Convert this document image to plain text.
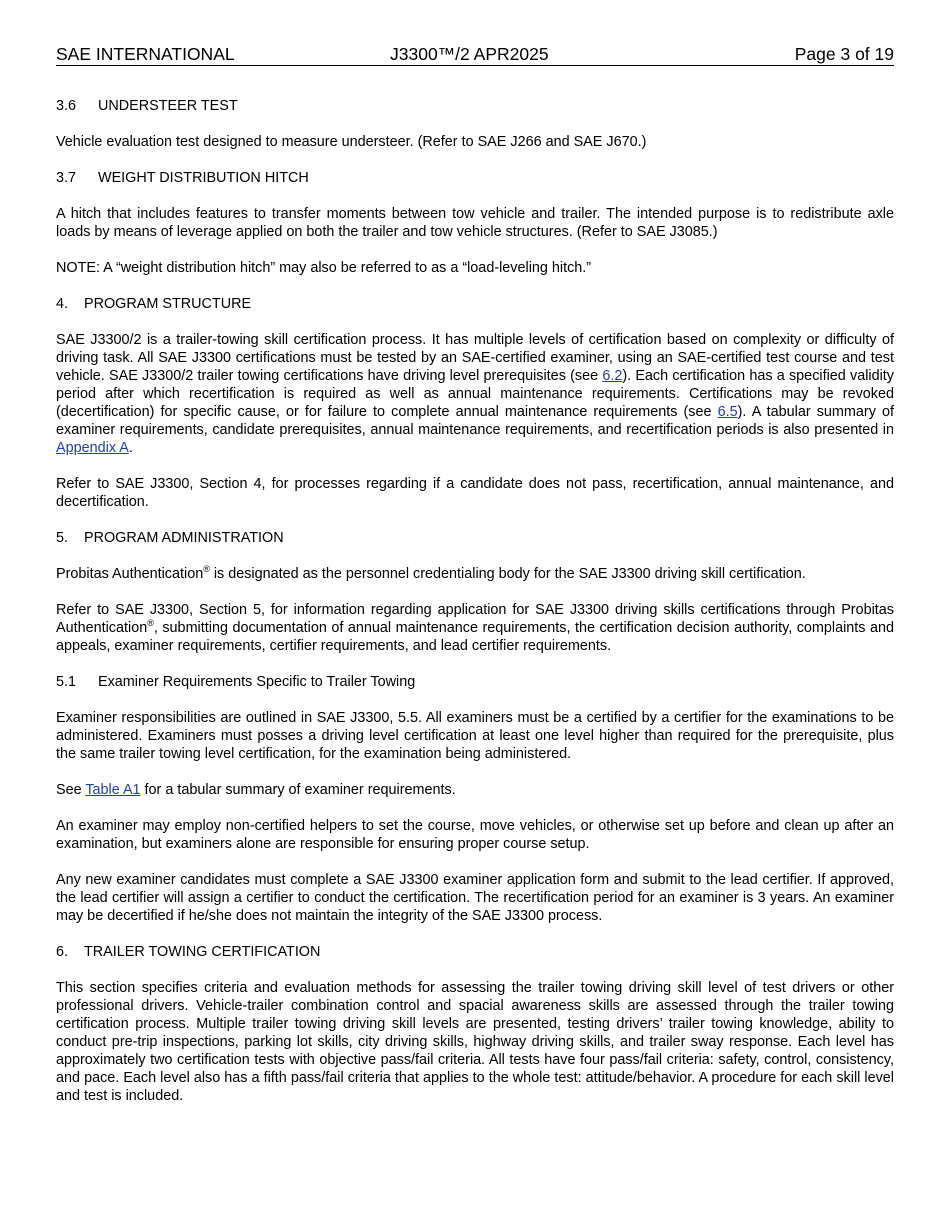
SAE INTERNATIONAL	J3300™/2 APR2025	Page 3 of 19
3.6 UNDERSTEER TEST

Vehicle evaluation test designed to measure understeer. (Refer to SAE J266 and SAE J670.)

3.7 WEIGHT DISTRIBUTION HITCH

A hitch that includes features to transfer moments between tow vehicle and trailer. The intended purpose is to redistribute axle loads by means of leverage applied on both the trailer and tow vehicle structures. (Refer to SAE J3085.)

NOTE: A “weight distribution hitch” may also be referred to as a “load-leveling hitch.”

4. PROGRAM STRUCTURE

SAE J3300/2 is a trailer-towing skill certification process. It has multiple levels of certification based on complexity or difficulty of driving task. All SAE J3300 certifications must be tested by an SAE-certified examiner, using an SAE-certified test course and test vehicle. SAE J3300/2 trailer towing certifications have driving level prerequisites (see 6.2). Each certification has a specified validity period after which recertification is required as well as annual maintenance requirements. Certifications may be revoked (decertification) for specific cause, or for failure to complete annual maintenance requirements (see 6.5). A tabular summary of examiner requirements, candidate prerequisites, annual maintenance requirements, and recertification periods is also presented in Appendix A.

Refer to SAE J3300, Section 4, for processes regarding if a candidate does not pass, recertification, annual maintenance, and decertification.

5. PROGRAM ADMINISTRATION

Probitas Authentication® is designated as the personnel credentialing body for the SAE J3300 driving skill certification.

Refer to SAE J3300, Section 5, for information regarding application for SAE J3300 driving skills certifications through Probitas Authentication®, submitting documentation of annual maintenance requirements, the certification decision authority, complaints and appeals, examiner requirements, certifier requirements, and lead certifier requirements.

5.1 Examiner Requirements Specific to Trailer Towing

Examiner responsibilities are outlined in SAE J3300, 5.5. All examiners must be a certified by a certifier for the examinations to be administered. Examiners must posses a driving level certification at least one level higher than required for the prerequisite, plus the same trailer towing level certification, for the examination being administered.

See Table A1 for a tabular summary of examiner requirements.

An examiner may employ non-certified helpers to set the course, move vehicles, or otherwise set up before and clean up after an examination, but examiners alone are responsible for ensuring proper course setup.

Any new examiner candidates must complete a SAE J3300 examiner application form and submit to the lead certifier. If approved, the lead certifier will assign a certifier to conduct the certification. The recertification period for an examiner is 3 years. An examiner may be decertified if he/she does not maintain the integrity of the SAE J3300 process.

6. TRAILER TOWING CERTIFICATION

This section specifies criteria and evaluation methods for assessing the trailer towing driving skill level of test drivers or other professional drivers. Vehicle-trailer combination control and spacial awareness skills are assessed through the trailer towing certification process. Multiple trailer towing driving skill levels are presented, testing drivers’ trailer towing knowledge, ability to conduct pre-trip inspections, parking lot skills, city driving skills, highway driving skills, and trailer sway response. Each level has approximately two certification tests with objective pass/fail criteria. All tests have four pass/fail criteria: safety, control, consistency, and pace. Each level also has a fifth pass/fail criteria that applies to the whole test: attitude/behavior. A procedure for each skill level and test is included.
